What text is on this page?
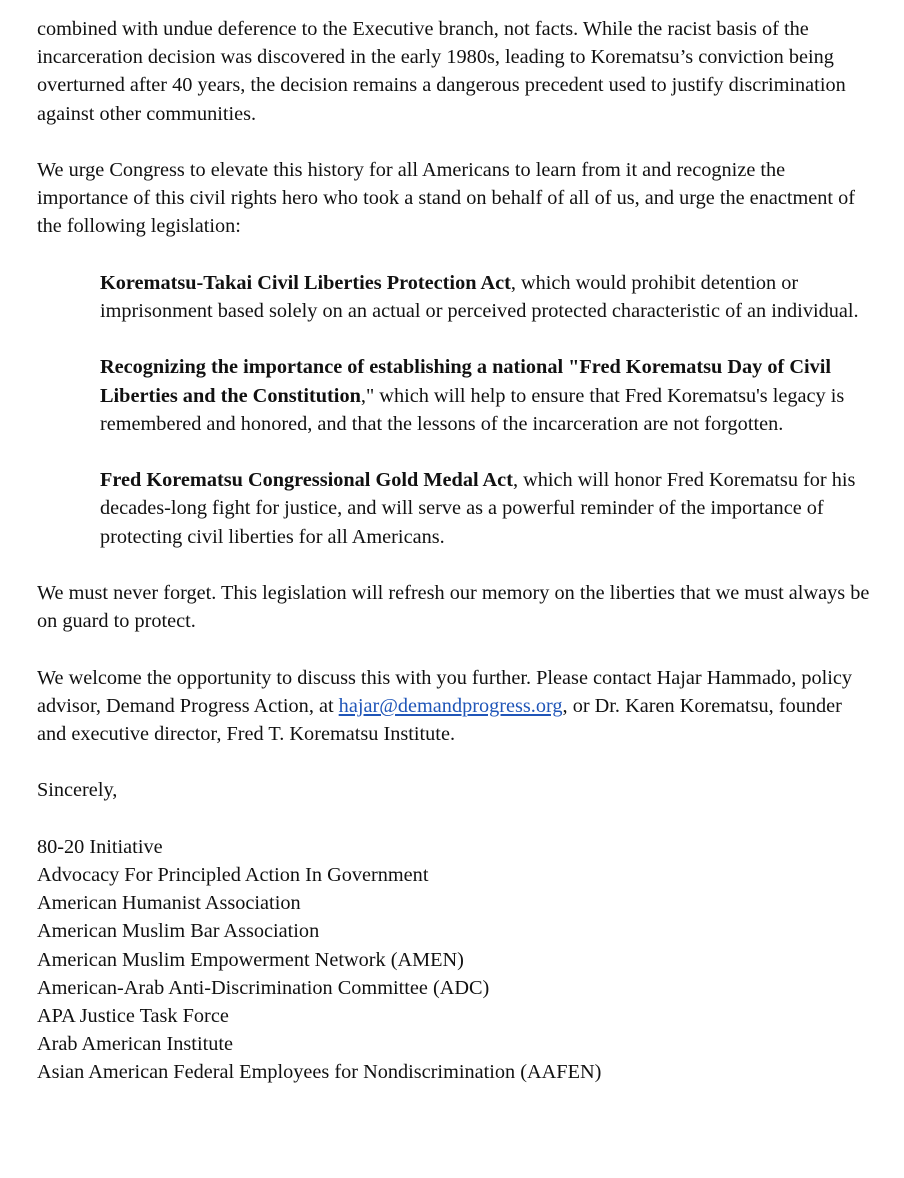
combined with undue deference to the Executive branch, not facts. While the racist basis of the incarceration decision was discovered in the early 1980s, leading to Korematsu’s conviction being overturned after 40 years, the decision remains a dangerous precedent used to justify discrimination against other communities.

We urge Congress to elevate this history for all Americans to learn from it and recognize the importance of this civil rights hero who took a stand on behalf of all of us, and urge the enactment of the following legislation:

Korematsu-Takai Civil Liberties Protection Act, which would prohibit detention or imprisonment based solely on an actual or perceived protected characteristic of an individual.

Recognizing the importance of establishing a national "Fred Korematsu Day of Civil Liberties and the Constitution," which will help to ensure that Fred Korematsu's legacy is remembered and honored, and that the lessons of the incarceration are not forgotten.

Fred Korematsu Congressional Gold Medal Act, which will honor Fred Korematsu for his decades-long fight for justice, and will serve as a powerful reminder of the importance of protecting civil liberties for all Americans.

We must never forget. This legislation will refresh our memory on the liberties that we must always be on guard to protect.

We welcome the opportunity to discuss this with you further. Please contact Hajar Hammado, policy advisor, Demand Progress Action, at hajar@demandprogress.org, or Dr. Karen Korematsu, founder and executive director, Fred T. Korematsu Institute.

Sincerely,

80-20 Initiative
Advocacy For Principled Action In Government
American Humanist Association
American Muslim Bar Association
American Muslim Empowerment Network (AMEN)
American-Arab Anti-Discrimination Committee (ADC)
APA Justice Task Force
Arab American Institute
Asian American Federal Employees for Nondiscrimination (AAFEN)
